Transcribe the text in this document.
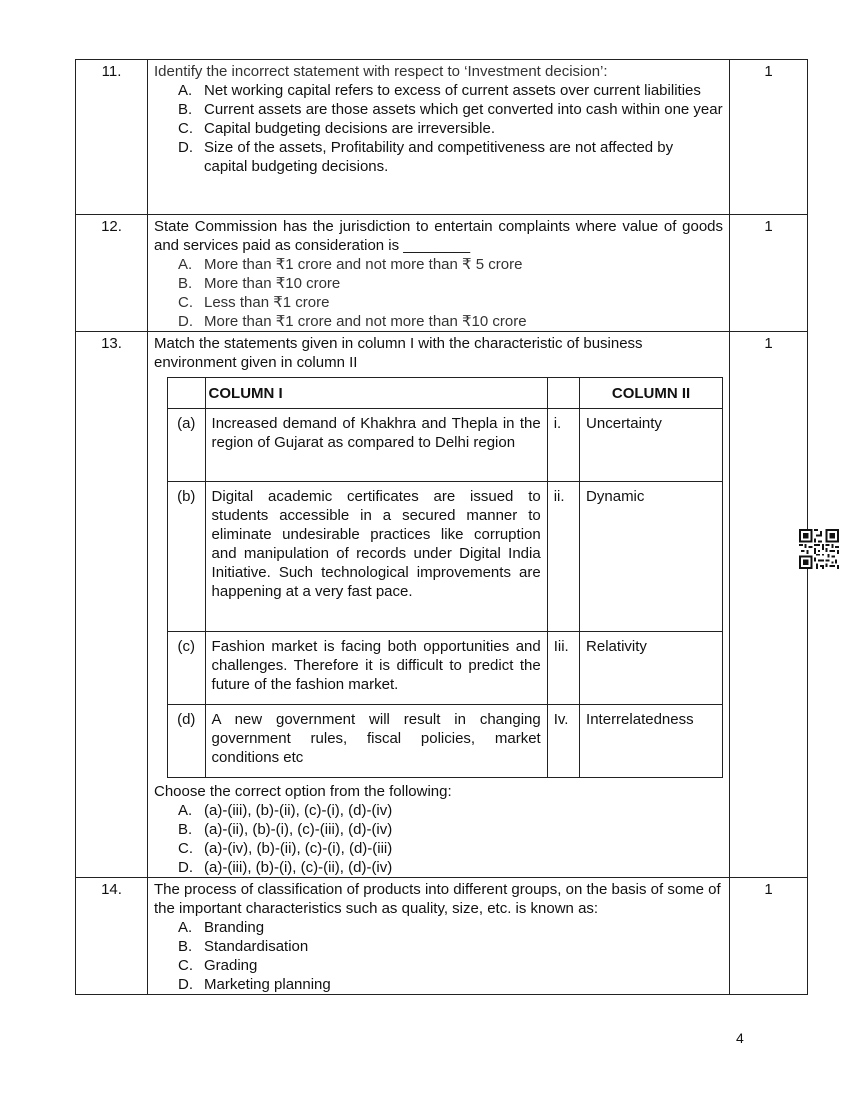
11.	Identify the incorrect statement with respect to ‘Investment decision’:
A. Net working capital refers to excess of current assets over current liabilities
B. Current assets are those assets which get converted into cash within one year
C. Capital budgeting decisions are irreversible.
D. Size of the assets, Profitability and competitiveness are not affected by capital budgeting decisions.
	1
12.	State Commission has the jurisdiction to entertain complaints where value of goods and services paid as consideration is ________
A. More than ₹1 crore and not more than ₹ 5 crore
B. More than ₹10 crore
C. Less than ₹1 crore
D. More than ₹1 crore and not more than ₹10 crore
	1
13.	Match the statements given in column I with the characteristic of business environment given in column II
	COLUMN I		COLUMN II
(a)	Increased demand of Khakhra and Thepla in the region of Gujarat as compared to Delhi region	i.	Uncertainty
(b)	Digital academic certificates are issued to students accessible in a secured manner to eliminate undesirable practices like corruption and manipulation of records under Digital India Initiative. Such technological improvements are happening at a very fast pace.	ii.	Dynamic
(c)	Fashion market is facing both opportunities and challenges. Therefore it is difficult to predict the future of the fashion market.	Iii.	Relativity
(d)	A new government will result in changing government rules, fiscal policies, market conditions etc	Iv.	Interrelatedness
Choose the correct option from the following:
A. (a)-(iii), (b)-(ii), (c)-(i), (d)-(iv)
B. (a)-(ii), (b)-(i), (c)-(iii), (d)-(iv)
C. (a)-(iv), (b)-(ii), (c)-(i), (d)-(iii)
D. (a)-(iii), (b)-(i), (c)-(ii), (d)-(iv)
	1
14.	The process of classification of products into different groups, on the basis of some of the important characteristics such as quality, size, etc. is known as:
A. Branding
B. Standardisation
C. Grading
D. Marketing planning
	1
4
